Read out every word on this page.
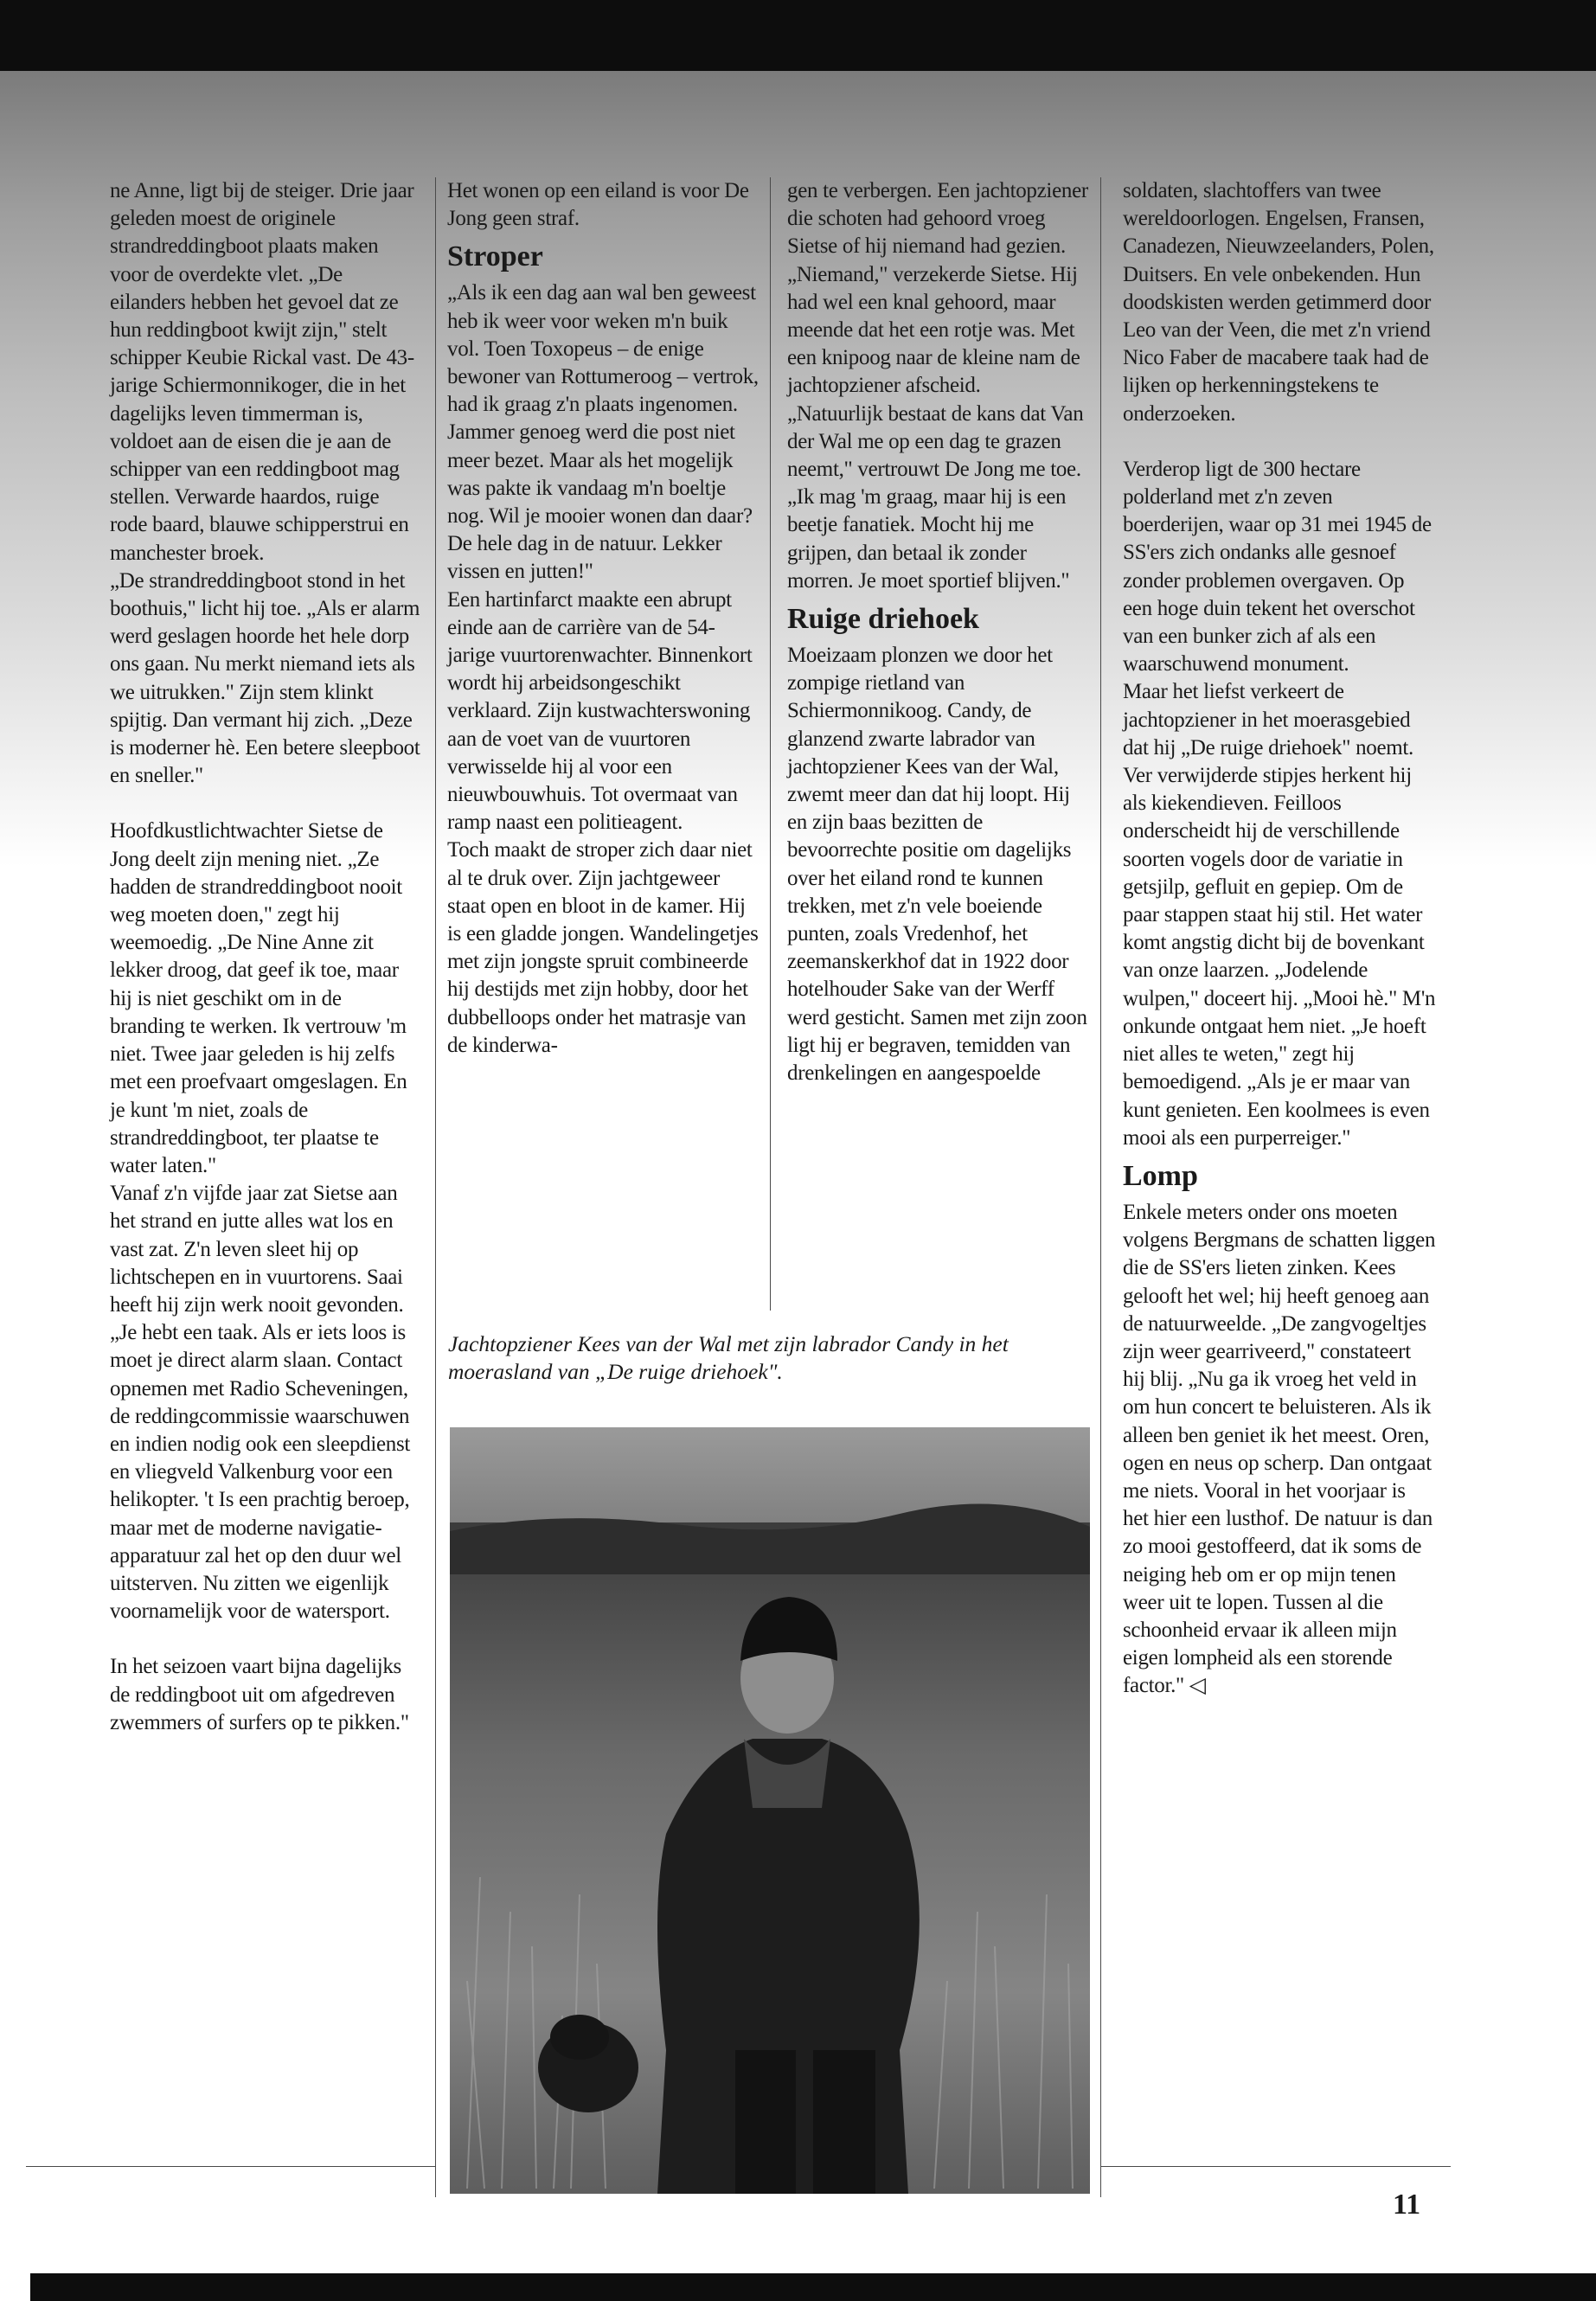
ne Anne, ligt bij de steiger. Drie jaar geleden moest de originele strandreddingboot plaats maken voor de overdekte vlet. „De eilanders hebben het gevoel dat ze hun reddingboot kwijt zijn," stelt schipper Keubie Rickal vast. De 43-jarige Schiermonnikoger, die in het dagelijks leven timmerman is, voldoet aan de eisen die je aan de schipper van een reddingboot mag stellen. Verwarde haardos, ruige rode baard, blauwe schipperstrui en manchester broek.

„De strandreddingboot stond in het boothuis," licht hij toe. „Als er alarm werd geslagen hoorde het hele dorp ons gaan. Nu merkt niemand iets als we uitrukken." Zijn stem klinkt spijtig. Dan vermant hij zich. „Deze is moderner hè. Een betere sleepboot en sneller."

Hoofdkustlichtwachter Sietse de Jong deelt zijn mening niet. „Ze hadden de strandreddingboot nooit weg moeten doen," zegt hij weemoedig. „De Nine Anne zit lekker droog, dat geef ik toe, maar hij is niet geschikt om in de branding te werken. Ik vertrouw 'm niet. Twee jaar geleden is hij zelfs met een proefvaart omgeslagen. En je kunt 'm niet, zoals de strandreddingboot, ter plaatse te water laten."

Vanaf z'n vijfde jaar zat Sietse aan het strand en jutte alles wat los en vast zat. Z'n leven sleet hij op lichtschepen en in vuurtorens. Saai heeft hij zijn werk nooit gevonden. „Je hebt een taak. Als er iets loos is moet je direct alarm slaan. Contact opnemen met Radio Scheveningen, de reddingcommissie waarschuwen en indien nodig ook een sleepdienst en vliegveld Valkenburg voor een helikopter. 't Is een prachtig beroep, maar met de moderne navigatie-apparatuur zal het op den duur wel uitsterven. Nu zitten we eigenlijk voornamelijk voor de watersport.

In het seizoen vaart bijna dagelijks de reddingboot uit om afgedreven zwemmers of surfers op te pikken."

Het wonen op een eiland is voor De Jong geen straf.

Stroper

„Als ik een dag aan wal ben geweest heb ik weer voor weken m'n buik vol. Toen Toxopeus – de enige bewoner van Rottumeroog – vertrok, had ik graag z'n plaats ingenomen. Jammer genoeg werd die post niet meer bezet. Maar als het mogelijk was pakte ik vandaag m'n boeltje nog. Wil je mooier wonen dan daar? De hele dag in de natuur. Lekker vissen en jutten!"

Een hartinfarct maakte een abrupt einde aan de carrière van de 54-jarige vuurtorenwachter. Binnenkort wordt hij arbeidsongeschikt verklaard. Zijn kustwachterswoning aan de voet van de vuurtoren verwisselde hij al voor een nieuwbouwhuis. Tot overmaat van ramp naast een politieagent.

Toch maakt de stroper zich daar niet al te druk over. Zijn jachtgeweer staat open en bloot in de kamer. Hij is een gladde jongen. Wandelingetjes met zijn jongste spruit combineerde hij destijds met zijn hobby, door het dubbelloops onder het matrasje van de kinderwa-

gen te verbergen. Een jachtopziener die schoten had gehoord vroeg Sietse of hij niemand had gezien. „Niemand," verzekerde Sietse. Hij had wel een knal gehoord, maar meende dat het een rotje was. Met een knipoog naar de kleine nam de jachtopziener afscheid.

„Natuurlijk bestaat de kans dat Van der Wal me op een dag te grazen neemt," vertrouwt De Jong me toe. „Ik mag 'm graag, maar hij is een beetje fanatiek. Mocht hij me grijpen, dan betaal ik zonder morren. Je moet sportief blijven."

Ruige driehoek

Moeizaam plonzen we door het zompige rietland van Schiermonnikoog. Candy, de glanzend zwarte labrador van jachtopziener Kees van der Wal, zwemt meer dan dat hij loopt. Hij en zijn baas bezitten de bevoorrechte positie om dagelijks over het eiland rond te kunnen trekken, met z'n vele boeiende punten, zoals Vredenhof, het zeemanskerkhof dat in 1922 door hotelhouder Sake van der Werff werd gesticht. Samen met zijn zoon ligt hij er begraven, temidden van drenkelingen en aangespoelde

soldaten, slachtoffers van twee wereldoorlogen. Engelsen, Fransen, Canadezen, Nieuwzeelanders, Polen, Duitsers. En vele onbekenden. Hun doodskisten werden getimmerd door Leo van der Veen, die met z'n vriend Nico Faber de macabere taak had de lijken op herkenningstekens te onderzoeken.

Verderop ligt de 300 hectare polderland met z'n zeven boerderijen, waar op 31 mei 1945 de SS'ers zich ondanks alle gesnoef zonder problemen overgaven. Op een hoge duin tekent het overschot van een bunker zich af als een waarschuwend monument.

Maar het liefst verkeert de jachtopziener in het moerasgebied dat hij „De ruige driehoek" noemt. Ver verwijderde stipjes herkent hij als kiekendieven. Feilloos onderscheidt hij de verschillende soorten vogels door de variatie in getsjilp, gefluit en gepiep. Om de paar stappen staat hij stil. Het water komt angstig dicht bij de bovenkant van onze laarzen. „Jodelende wulpen," doceert hij. „Mooi hè." M'n onkunde ontgaat hem niet. „Je hoeft niet alles te weten," zegt hij bemoedigend. „Als je er maar van kunt genieten. Een koolmees is even mooi als een purperreiger."

Lomp

Enkele meters onder ons moeten volgens Bergmans de schatten liggen die de SS'ers lieten zinken. Kees gelooft het wel; hij heeft genoeg aan de natuurweelde. „De zangvogeltjes zijn weer gearriveerd," constateert hij blij. „Nu ga ik vroeg het veld in om hun concert te beluisteren. Als ik alleen ben geniet ik het meest. Oren, ogen en neus op scherp. Dan ontgaat me niets. Vooral in het voorjaar is het hier een lusthof. De natuur is dan zo mooi gestoffeerd, dat ik soms de neiging heb om er op mijn tenen weer uit te lopen. Tussen al die schoonheid ervaar ik alleen mijn eigen lompheid als een storende factor." ◁

Jachtopziener Kees van der Wal met zijn labrador Candy in het moerasland van „De ruige driehoek".

11
